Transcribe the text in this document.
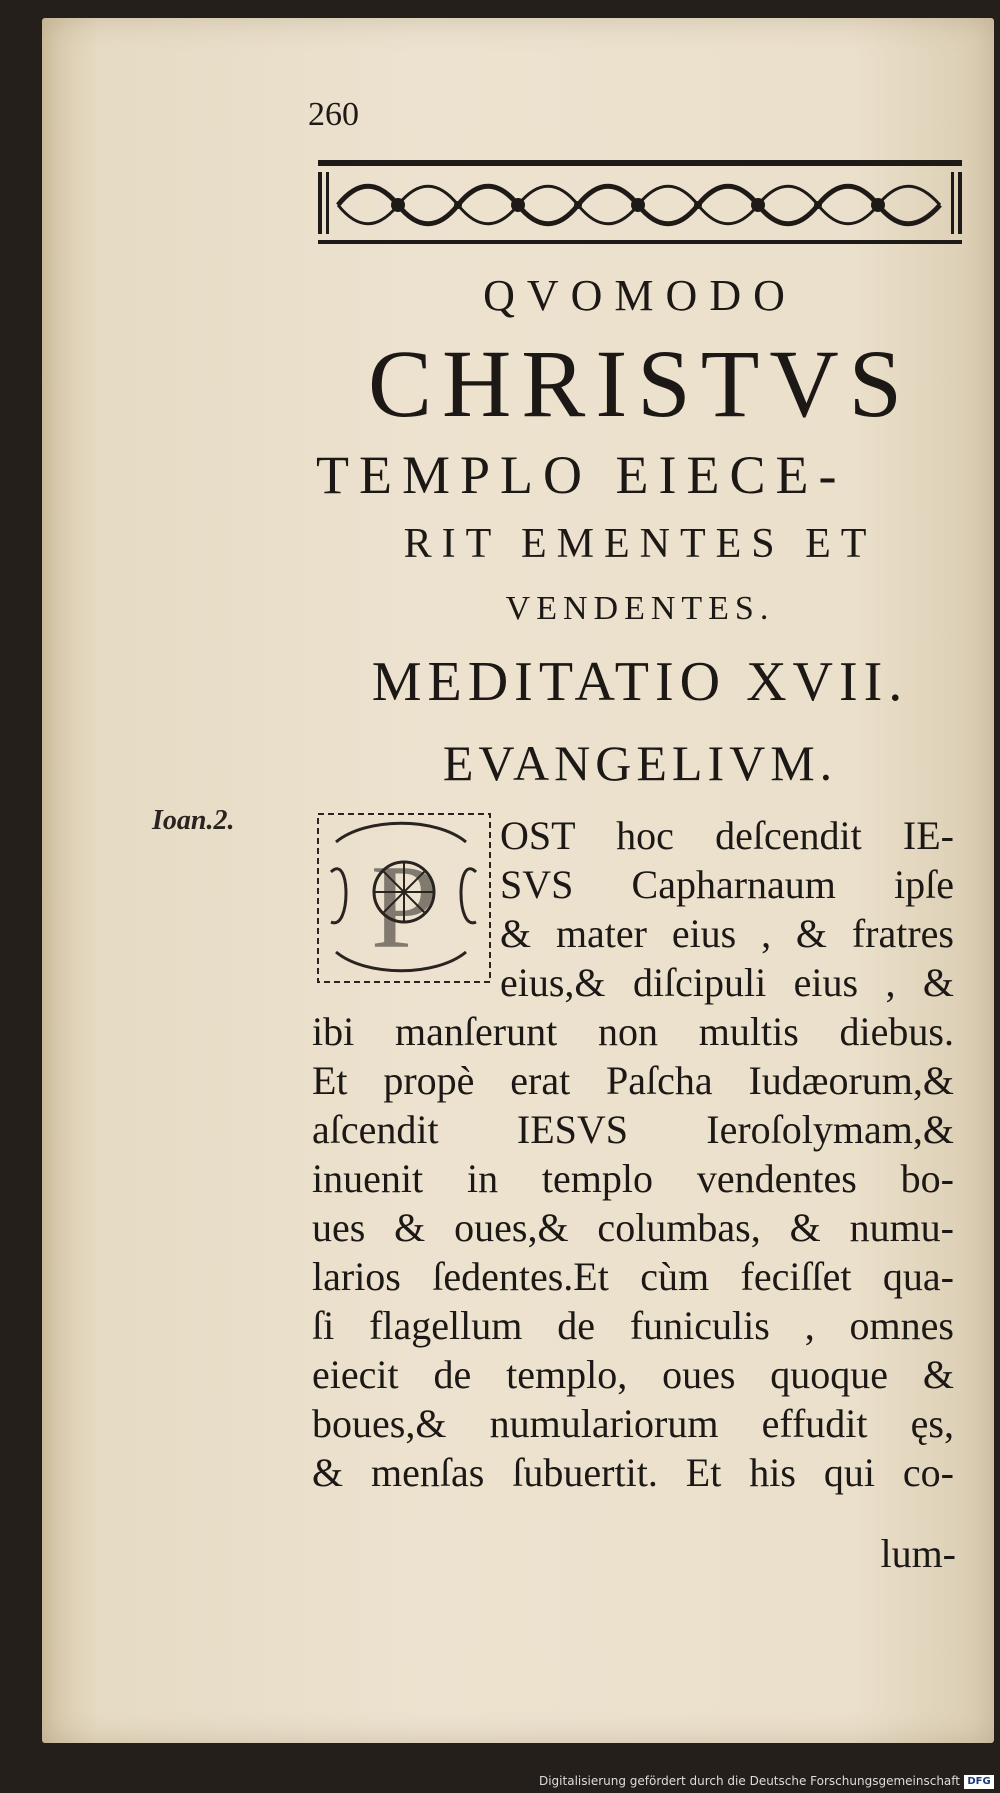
260
QVOMODO
CHRISTVS
TEMPLO EIECE-
RIT EMENTES ET
VENDENTES.
MEDITATIO XVII.
EVANGELIVM.
Ioan.2.
P
OST hoc deſcendit IE-
SVS Capharnaum ipſe
& mater eius , & fratres
eius,& diſcipuli eius , &
ibi manſerunt non multis diebus.
Et propè erat Paſcha Iudæorum,&
aſcendit IESVS Ieroſolymam,&
inuenit in templo vendentes bo-
ues & oues,& columbas, & numu-
larios ſedentes.Et cùm feciſſet qua-
ſi flagellum de funiculis , omnes
eiecit de templo, oues quoque &
boues,& numulariorum effudit ęs,
& menſas ſubuertit. Et his qui co-
lum-
Digitalisierung gefördert durch die Deutsche Forschungsgemeinschaft DFG
